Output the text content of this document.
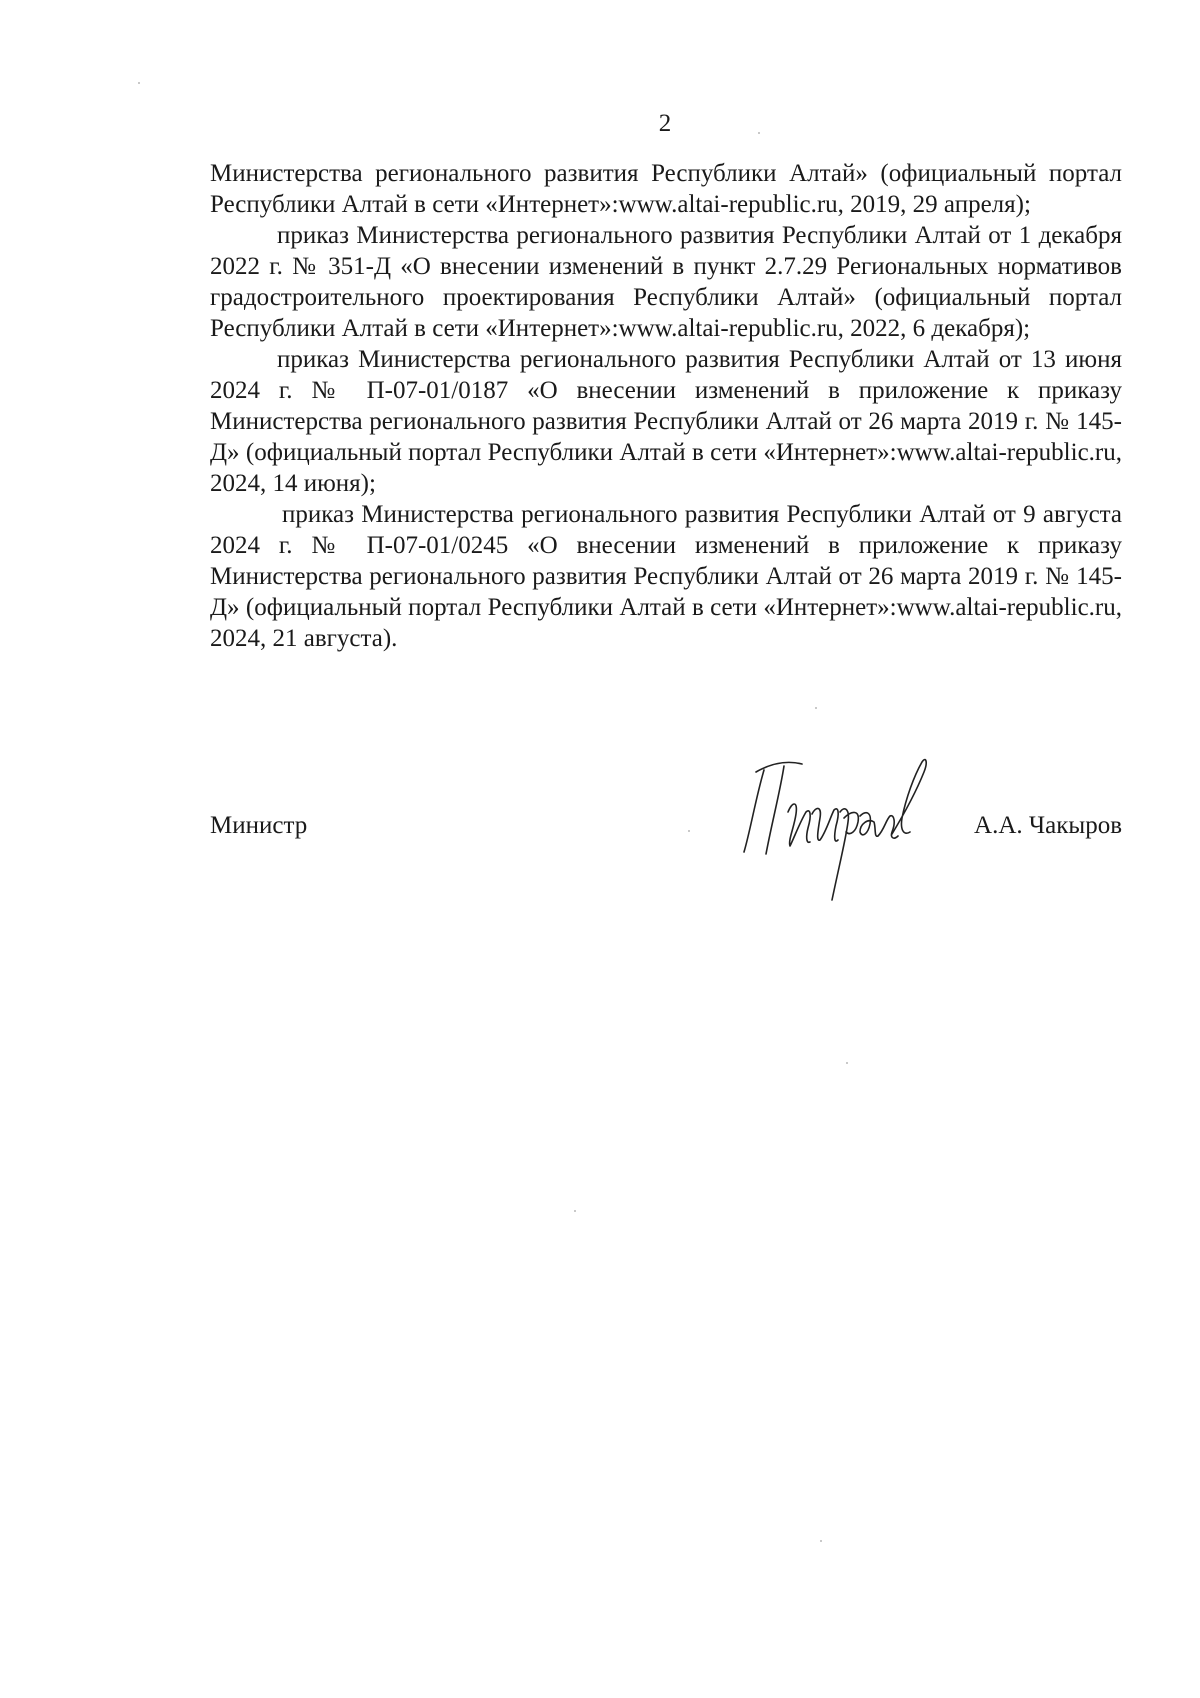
2

Министерства регионального развития Республики Алтай» (официальный портал Республики Алтай в сети «Интернет»:www.altai-republic.ru, 2019, 29 апреля);

приказ Министерства регионального развития Республики Алтай от 1 декабря 2022 г. № 351-Д «О внесении изменений в пункт 2.7.29 Региональных нормативов градостроительного проектирования Республики Алтай» (официальный портал Республики Алтай в сети «Интернет»:www.altai-republic.ru, 2022, 6 декабря);

приказ Министерства регионального развития Республики Алтай от 13 июня 2024 г. № П-07-01/0187 «О внесении изменений в приложение к приказу Министерства регионального развития Республики Алтай от 26 марта 2019 г. № 145-Д» (официальный портал Республики Алтай в сети «Интернет»:www.altai-republic.ru, 2024, 14 июня);

приказ Министерства регионального развития Республики Алтай от 9 августа 2024 г. № П-07-01/0245 «О внесении изменений в приложение к приказу Министерства регионального развития Республики Алтай от 26 марта 2019 г. № 145-Д» (официальный портал Республики Алтай в сети «Интернет»:www.altai-republic.ru, 2024, 21 августа).

Министр	А.А. Чакыров
